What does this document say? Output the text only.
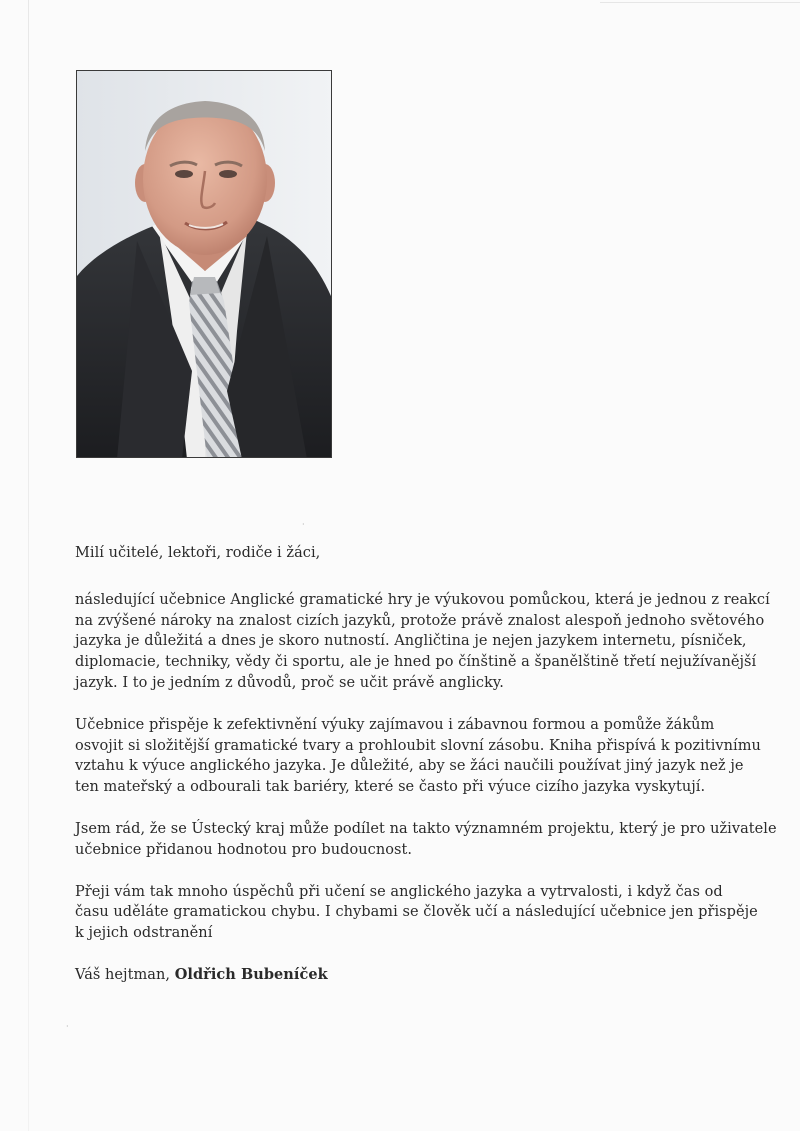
Milí učitelé, lektoři, rodiče i žáci,

následující učebnice Anglické gramatické hry je výukovou pomůckou, která je jednou z reakcí
na zvýšené nároky na znalost cizích jazyků, protože právě znalost alespoň jednoho světového
jazyka je důležitá a dnes je skoro nutností. Angličtina je nejen jazykem internetu, písniček,
diplomacie, techniky, vědy či sportu, ale je hned po čínštině a španělštině třetí nejužívanější
jazyk. I to je jedním z důvodů, proč se učit právě anglicky.

Učebnice přispěje k zefektivnění výuky zajímavou i zábavnou formou a pomůže žákům
osvojit si složitější gramatické tvary a prohloubit slovní zásobu. Kniha přispívá k pozitivnímu
vztahu k výuce anglického jazyka. Je důležité, aby se žáci naučili používat jiný jazyk než je
ten mateřský a odbourali tak bariéry, které se často při výuce cizího jazyka vyskytují.

Jsem rád, že se Ústecký kraj může podílet na takto významném projektu, který je pro uživatele
učebnice přidanou hodnotou pro budoucnost.

Přeji vám tak mnoho úspěchů při učení se anglického jazyka a vytrvalosti, i když čas od
času uděláte gramatickou chybu. I chybami se člověk učí a následující učebnice jen přispěje
k jejich odstranění

Váš hejtman, Oldřich Bubeníček

·
·
